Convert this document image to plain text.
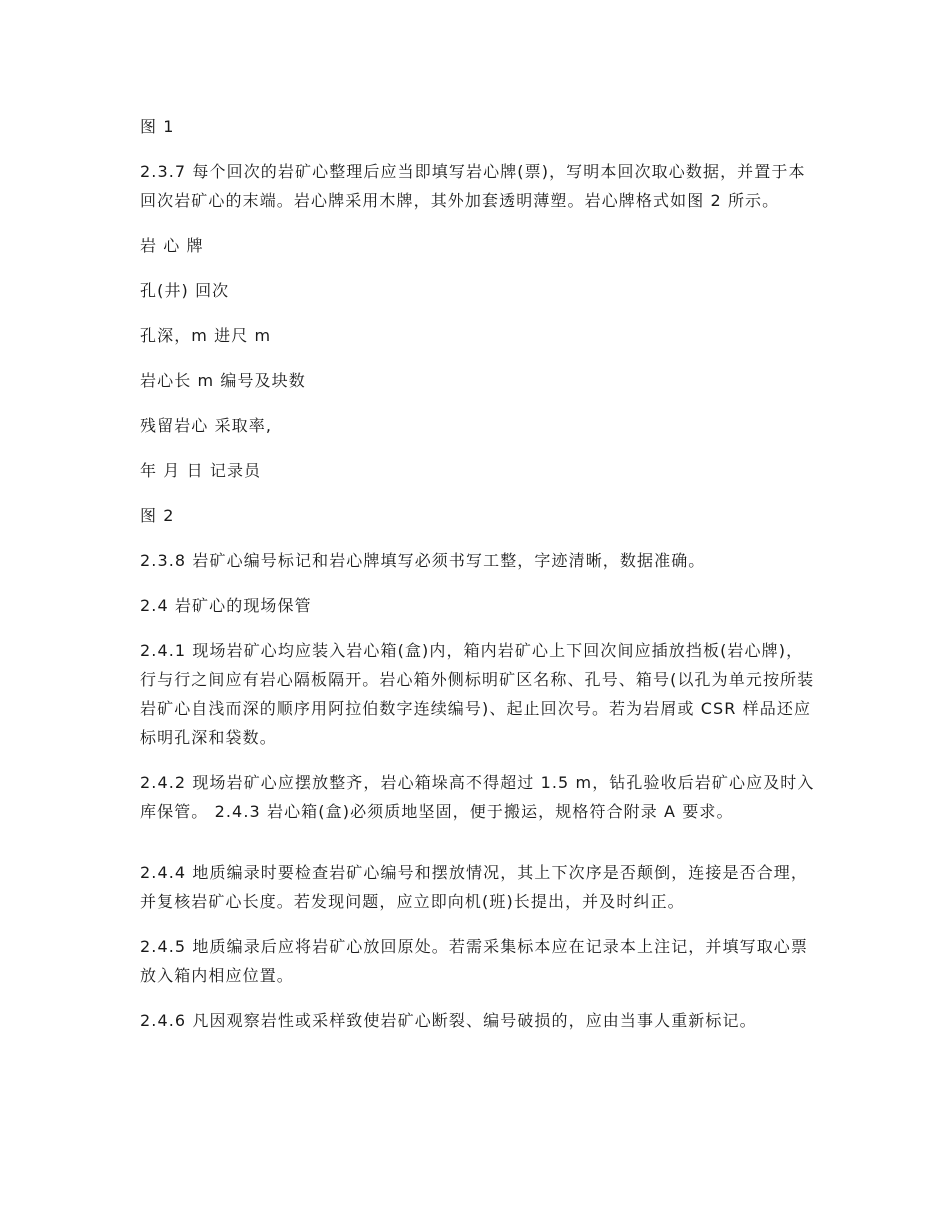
图 1

2.3.7 每个回次的岩矿心整理后应当即填写岩心牌(票)，写明本回次取心数据，并置于本回次岩矿心的末端。岩心牌采用木牌，其外加套透明薄塑。岩心牌格式如图 2 所示。

岩 心 牌

孔(井) 回次

孔深，m 进尺 m

岩心长 m 编号及块数

残留岩心 采取率,

年 月 日 记录员

图 2

2.3.8 岩矿心编号标记和岩心牌填写必须书写工整，字迹清晰，数据准确。

2.4 岩矿心的现场保管

2.4.1 现场岩矿心均应装入岩心箱(盒)内，箱内岩矿心上下回次间应插放挡板(岩心牌)，行与行之间应有岩心隔板隔开。岩心箱外侧标明矿区名称、孔号、箱号(以孔为单元按所装岩矿心自浅而深的顺序用阿拉伯数字连续编号)、起止回次号。若为岩屑或 CSR 样品还应标明孔深和袋数。

2.4.2 现场岩矿心应摆放整齐，岩心箱垛高不得超过 1.5 m，钻孔验收后岩矿心应及时入库保管。 2.4.3 岩心箱(盒)必须质地坚固，便于搬运，规格符合附录 A 要求。

2.4.4 地质编录时要检查岩矿心编号和摆放情况，其上下次序是否颠倒，连接是否合理，并复核岩矿心长度。若发现问题，应立即向机(班)长提出，并及时纠正。

2.4.5 地质编录后应将岩矿心放回原处。若需采集标本应在记录本上注记，并填写取心票放入箱内相应位置。

2.4.6 凡因观察岩性或采样致使岩矿心断裂、编号破损的，应由当事人重新标记。
